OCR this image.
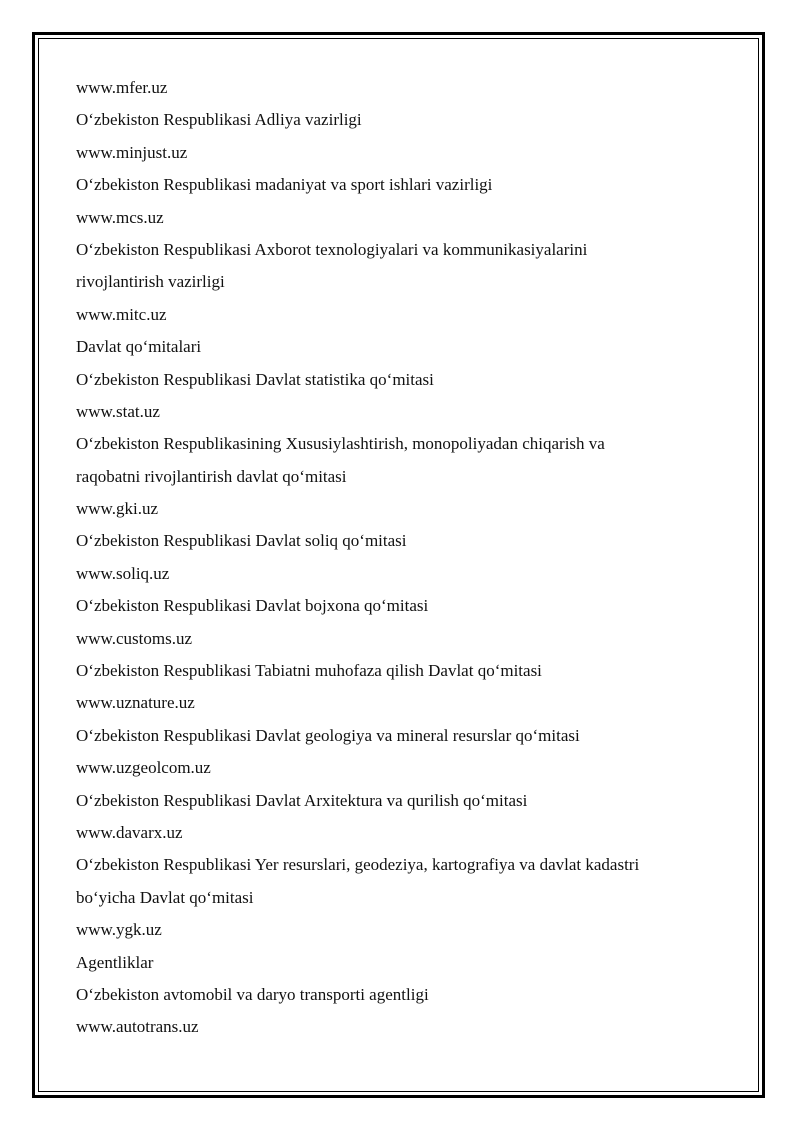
www.mfer.uz
O‘zbekiston Respublikasi Adliya vazirligi
www.minjust.uz
O‘zbekiston Respublikasi madaniyat va sport ishlari vazirligi
www.mcs.uz
O‘zbekiston Respublikasi Axborot texnologiyalari va kommunikasiyalarini
rivojlantirish vazirligi
www.mitc.uz
Davlat qo‘mitalari
O‘zbekiston Respublikasi Davlat statistika qo‘mitasi
www.stat.uz
O‘zbekiston Respublikasining Xususiylashtirish, monopoliyadan chiqarish va
raqobatni rivojlantirish davlat qo‘mitasi
www.gki.uz
O‘zbekiston Respublikasi Davlat soliq qo‘mitasi
www.soliq.uz
O‘zbekiston Respublikasi Davlat bojxona qo‘mitasi
www.customs.uz
O‘zbekiston Respublikasi Tabiatni muhofaza qilish Davlat qo‘mitasi
www.uznature.uz
O‘zbekiston Respublikasi Davlat geologiya va mineral resurslar qo‘mitasi
www.uzgeolcom.uz
O‘zbekiston Respublikasi Davlat Arxitektura va qurilish qo‘mitasi
www.davarx.uz
O‘zbekiston Respublikasi Yer resurslari, geodeziya, kartografiya va davlat kadastri
bo‘yicha Davlat qo‘mitasi
www.ygk.uz
Agentliklar
O‘zbekiston avtomobil va daryo transporti agentligi
www.autotrans.uz
